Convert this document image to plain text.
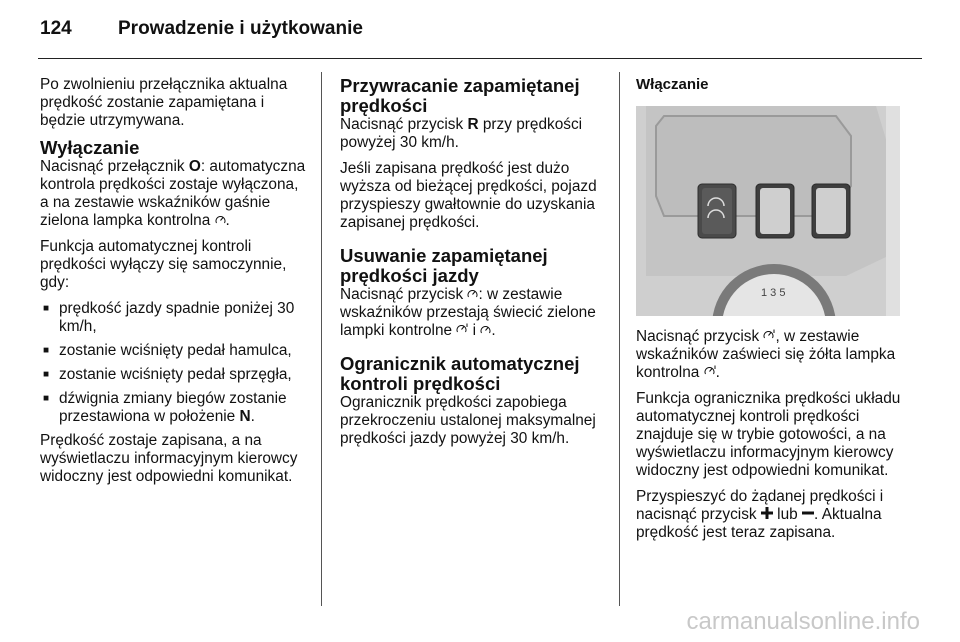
124	Prowadzenie i użytkowanie

Po zwolnieniu przełącznika aktualna prędkość zostanie zapamiętana i będzie utrzymywana.

Wyłączanie

Nacisnąć przełącznik O: automatyczna kontrola prędkości zostaje wyłączona, a na zestawie wskaźników gaśnie zielona lampka kontrolna .

Funkcja automatycznej kontroli prędkości wyłączy się samoczynnie, gdy:

■ prędkość jazdy spadnie poniżej 30 km/h,
■ zostanie wciśnięty pedał hamulca,
■ zostanie wciśnięty pedał sprzęgła,
■ dźwignia zmiany biegów zostanie przestawiona w położenie N.

Prędkość zostaje zapisana, a na wyświetlaczu informacyjnym kierowcy widoczny jest odpowiedni komunikat.

Przywracanie zapamiętanej prędkości

Nacisnąć przycisk R przy prędkości powyżej 30 km/h.

Jeśli zapisana prędkość jest dużo wyższa od bieżącej prędkości, pojazd przyspieszy gwałtownie do uzyskania zapisanej prędkości.

Usuwanie zapamiętanej prędkości jazdy

Nacisnąć przycisk : w zestawie wskaźników przestają świecić zielone lampki kontrolne i .

Ogranicznik automatycznej kontroli prędkości

Ogranicznik prędkości zapobiega przekroczeniu ustalonej maksymalnej prędkości jazdy powyżej 30 km/h.

Włączanie
1 3 5

Nacisnąć przycisk , w zestawie wskaźników zaświeci się żółta lampka kontrolna .

Funkcja ogranicznika prędkości układu automatycznej kontroli prędkości znajduje się w trybie gotowości, a na wyświetlaczu informacyjnym kierowcy widoczny jest odpowiedni komunikat.

Przyspieszyć do żądanej prędkości i nacisnąć przycisk lub . Aktualna prędkość jest teraz zapisana.

carmanualsonline.info
